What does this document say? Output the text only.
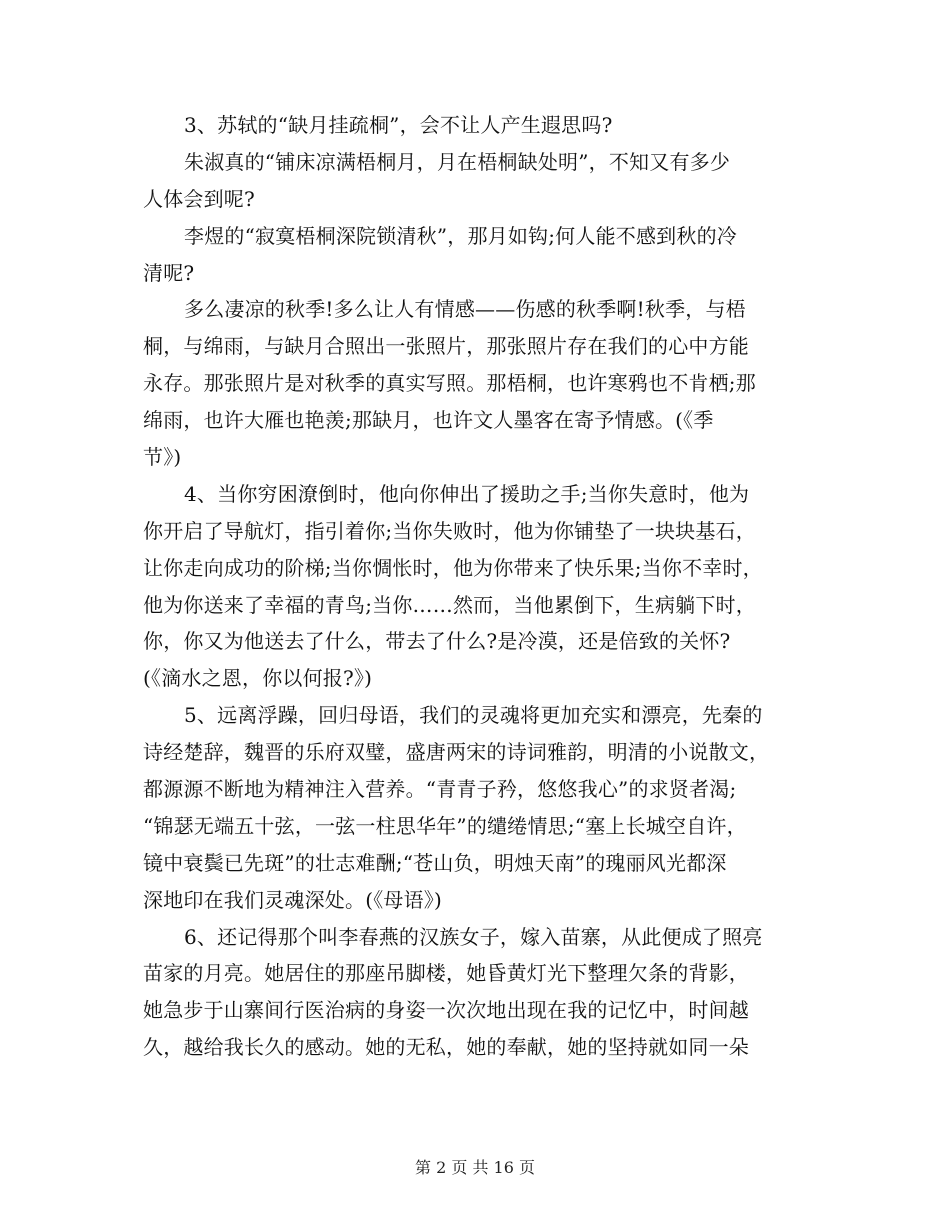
3、苏轼的“缺月挂疏桐”，会不让人产生遐思吗?
朱淑真的“铺床凉满梧桐月，月在梧桐缺处明”，不知又有多少
人体会到呢?
李煜的“寂寞梧桐深院锁清秋”，那月如钩;何人能不感到秋的冷
清呢?
多么凄凉的秋季!多么让人有情感——伤感的秋季啊!秋季，与梧
桐，与绵雨，与缺月合照出一张照片，那张照片存在我们的心中方能
永存。那张照片是对秋季的真实写照。那梧桐，也许寒鸦也不肯栖;那
绵雨，也许大雁也艳羡;那缺月，也许文人墨客在寄予情感。(《季
节》)
4、当你穷困潦倒时，他向你伸出了援助之手;当你失意时，他为
你开启了导航灯，指引着你;当你失败时，他为你铺垫了一块块基石，
让你走向成功的阶梯;当你惆怅时，他为你带来了快乐果;当你不幸时，
他为你送来了幸福的青鸟;当你……然而，当他累倒下，生病躺下时，
你，你又为他送去了什么，带去了什么?是冷漠，还是倍致的关怀?
(《滴水之恩，你以何报?》)
5、远离浮躁，回归母语，我们的灵魂将更加充实和漂亮，先秦的
诗经楚辞，魏晋的乐府双璧，盛唐两宋的诗词雅韵，明清的小说散文，
都源源不断地为精神注入营养。“青青子矜，悠悠我心”的求贤者渴;
“锦瑟无端五十弦，一弦一柱思华年”的缱绻情思;“塞上长城空自许，
镜中衰鬓已先斑”的壮志难酬;“苍山负，明烛天南”的瑰丽风光都深
深地印在我们灵魂深处。(《母语》)
6、还记得那个叫李春燕的汉族女子，嫁入苗寨，从此便成了照亮
苗家的月亮。她居住的那座吊脚楼，她昏黄灯光下整理欠条的背影，
她急步于山寨间行医治病的身姿一次次地出现在我的记忆中，时间越
久，越给我长久的感动。她的无私，她的奉献，她的坚持就如同一朵
第 2 页 共 16 页
